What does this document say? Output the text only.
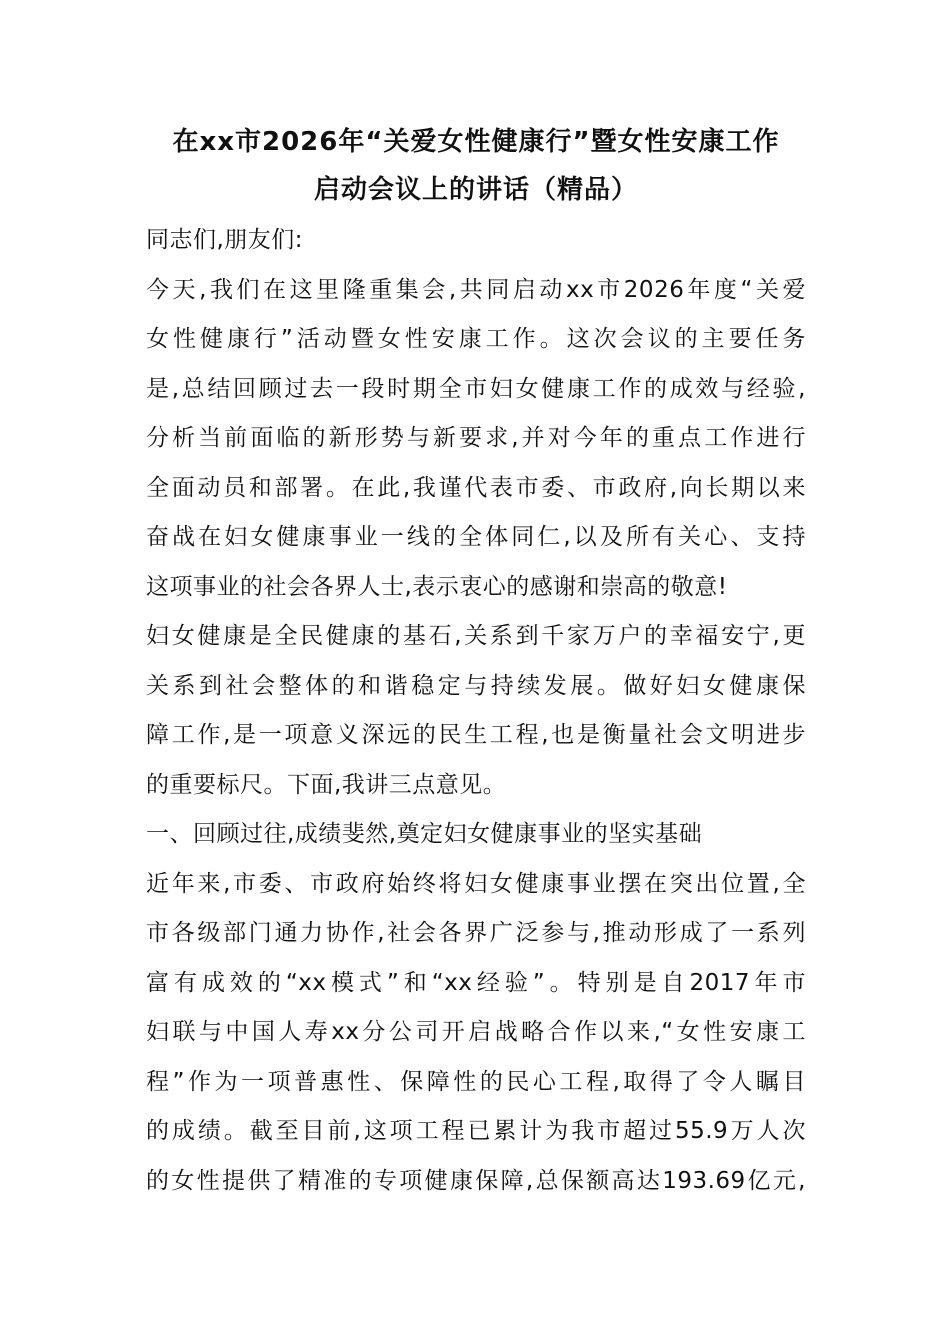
在xx市2026年“关爱女性健康行”暨女性安康工作
启动会议上的讲话（精品）
同志们,朋友们:
今天,我们在这里隆重集会,共同启动xx市2026年度“关爱
女性健康行”活动暨女性安康工作。这次会议的主要任务
是,总结回顾过去一段时期全市妇女健康工作的成效与经验,
分析当前面临的新形势与新要求,并对今年的重点工作进行
全面动员和部署。在此,我谨代表市委、市政府,向长期以来
奋战在妇女健康事业一线的全体同仁,以及所有关心、支持
这项事业的社会各界人士,表示衷心的感谢和崇高的敬意!
妇女健康是全民健康的基石,关系到千家万户的幸福安宁,更
关系到社会整体的和谐稳定与持续发展。做好妇女健康保
障工作,是一项意义深远的民生工程,也是衡量社会文明进步
的重要标尺。下面,我讲三点意见。
一、回顾过往,成绩斐然,奠定妇女健康事业的坚实基础
近年来,市委、市政府始终将妇女健康事业摆在突出位置,全
市各级部门通力协作,社会各界广泛参与,推动形成了一系列
富有成效的“xx模式”和“xx经验”。特别是自2017年市
妇联与中国人寿xx分公司开启战略合作以来,“女性安康工
程”作为一项普惠性、保障性的民心工程,取得了令人瞩目
的成绩。截至目前,这项工程已累计为我市超过55.9万人次
的女性提供了精准的专项健康保障,总保额高达193.69亿元,
